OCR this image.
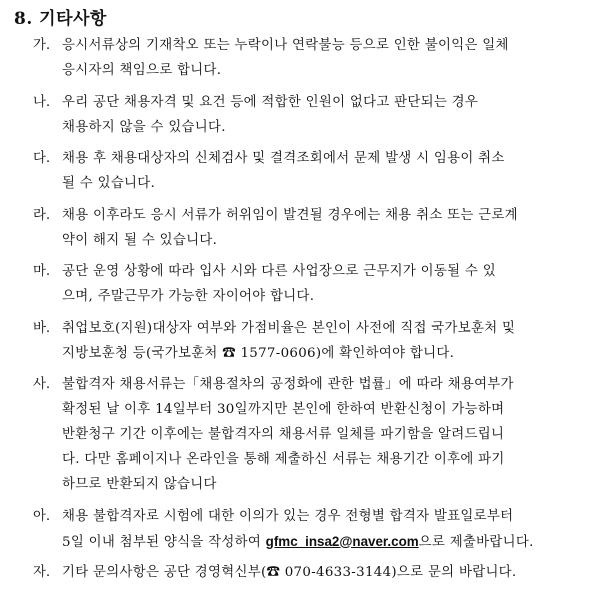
8. 기타사항
가. 응시서류상의 기재착오 또는 누락이나 연락불능 등으로 인한 불이익은 일체
응시자의 책임으로 합니다.
나. 우리 공단 채용자격 및 요건 등에 적합한 인원이 없다고 판단되는 경우
채용하지 않을 수 있습니다.
다. 채용 후 채용대상자의 신체검사 및 결격조회에서 문제 발생 시 임용이 취소
될 수 있습니다.
라. 채용 이후라도 응시 서류가 허위임이 발견될 경우에는 채용 취소 또는 근로계
약이 해지 될 수 있습니다.
마. 공단 운영 상황에 따라 입사 시와 다른 사업장으로 근무지가 이동될 수 있
으며, 주말근무가 가능한 자이어야 합니다.
바. 취업보호(지원)대상자 여부와 가점비율은 본인이 사전에 직접 국가보훈처 및
지방보훈청 등(국가보훈처 ☎ 1577-0606)에 확인하여야 합니다.
사. 불합격자 채용서류는「채용절차의 공정화에 관한 법률」에 따라 채용여부가
확정된 날 이후 14일부터 30일까지만 본인에 한하여 반환신청이 가능하며
반환청구 기간 이후에는 불합격자의 채용서류 일체를 파기함을 알려드립니
다. 다만 홈페이지나 온라인을 통해 제출하신 서류는 채용기간 이후에 파기
하므로 반환되지 않습니다
아. 채용 불합격자로 시험에 대한 이의가 있는 경우 전형별 합격자 발표일로부터
5일 이내 첨부된 양식을 작성하여 gfmc_insa2@naver.com으로 제출바랍니다.
자. 기타 문의사항은 공단 경영혁신부(☎ 070-4633-3144)으로 문의 바랍니다.
